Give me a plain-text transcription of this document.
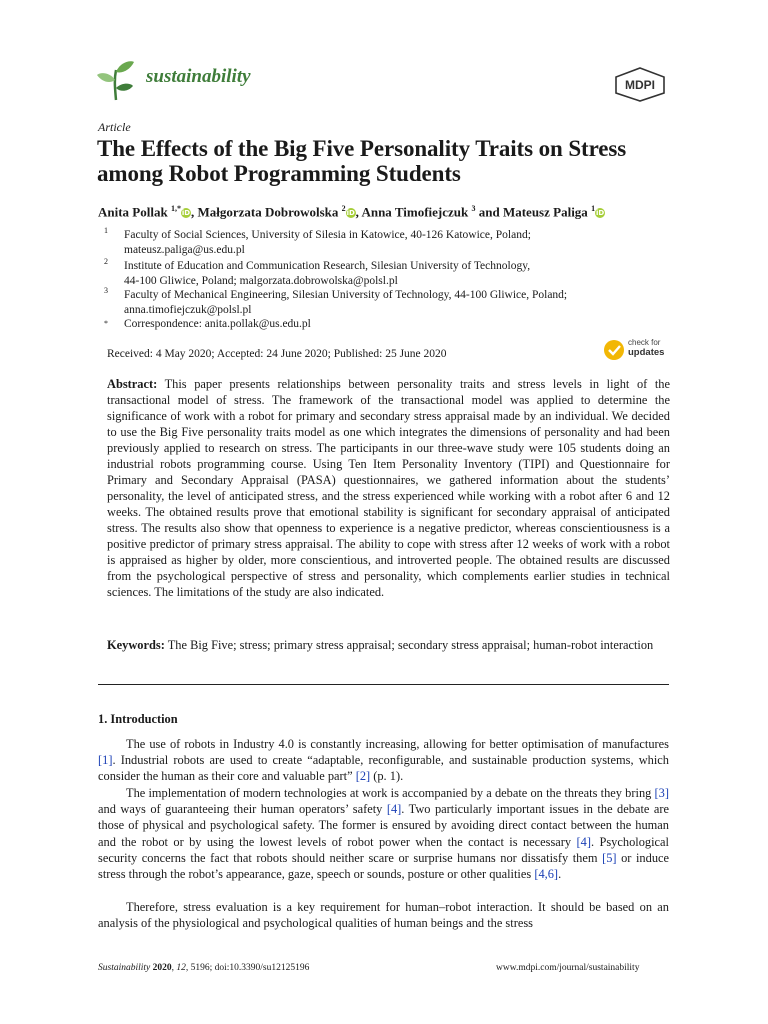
sustainability	MDPI
Article
The Effects of the Big Five Personality Traits on Stress
among Robot Programming Students
Anita Pollak $^{1,*}$iD, Małgorzata Dobrowolska $^2$iD, Anna Timofiejczuk $^3$ and Mateusz Paliga $^1$iD
1 Faculty of Social Sciences, University of Silesia in Katowice, 40-126 Katowice, Poland;
mateusz.paliga@us.edu.pl
2 Institute of Education and Communication Research, Silesian University of Technology,
44-100 Gliwice, Poland; malgorzata.dobrowolska@polsl.pl
3 Faculty of Mechanical Engineering, Silesian University of Technology, 44-100 Gliwice, Poland;
anna.timofiejczuk@polsl.pl
* Correspondence: anita.pollak@us.edu.pl
Received: 4 May 2020; Accepted: 24 June 2020; Published: 25 June 2020
check for
updates
Abstract: This paper presents relationships between personality traits and stress levels in light of the transactional model of stress. The framework of the transactional model was applied to determine the significance of work with a robot for primary and secondary stress appraisal made by an individual. We decided to use the Big Five personality traits model as one which integrates the dimensions of personality and had been previously applied to research on stress. The participants in our three-wave study were 105 students doing an industrial robots programming course. Using Ten Item Personality Inventory (TIPI) and Questionnaire for Primary and Secondary Appraisal (PASA) questionnaires, we gathered information about the students’ personality, the level of anticipated stress, and the stress experienced while working with a robot after 6 and 12 weeks. The obtained results prove that emotional stability is significant for secondary appraisal of anticipated stress. The results also show that openness to experience is a negative predictor, whereas conscientiousness is a positive predictor of primary stress appraisal. The ability to cope with stress after 12 weeks of work with a robot is appraised as higher by older, more conscientious, and introverted people. The obtained results are discussed from the psychological perspective of stress and personality, which complements earlier studies in technical sciences. The limitations of the study are also indicated.
Keywords: The Big Five; stress; primary stress appraisal; secondary stress appraisal; human-robot interaction
1. Introduction
The use of robots in Industry 4.0 is constantly increasing, allowing for better optimisation of manufactures [1]. Industrial robots are used to create “adaptable, reconfigurable, and sustainable production systems, which consider the human as their core and valuable part” [2] (p. 1).
The implementation of modern technologies at work is accompanied by a debate on the threats they bring [3] and ways of guaranteeing their human operators’ safety [4]. Two particularly important issues in the debate are those of physical and psychological safety. The former is ensured by avoiding direct contact between the human and the robot or by using the lowest levels of robot power when the contact is necessary [4]. Psychological security concerns the fact that robots should neither scare or surprise humans nor dissatisfy them [5] or induce stress through the robot’s appearance, gaze, speech or sounds, posture or other qualities [4,6].
Therefore, stress evaluation is a key requirement for human–robot interaction. It should be based on an analysis of the physiological and psychological qualities of human beings and the stress
Sustainability 2020, 12, 5196; doi:10.3390/su12125196	www.mdpi.com/journal/sustainability
